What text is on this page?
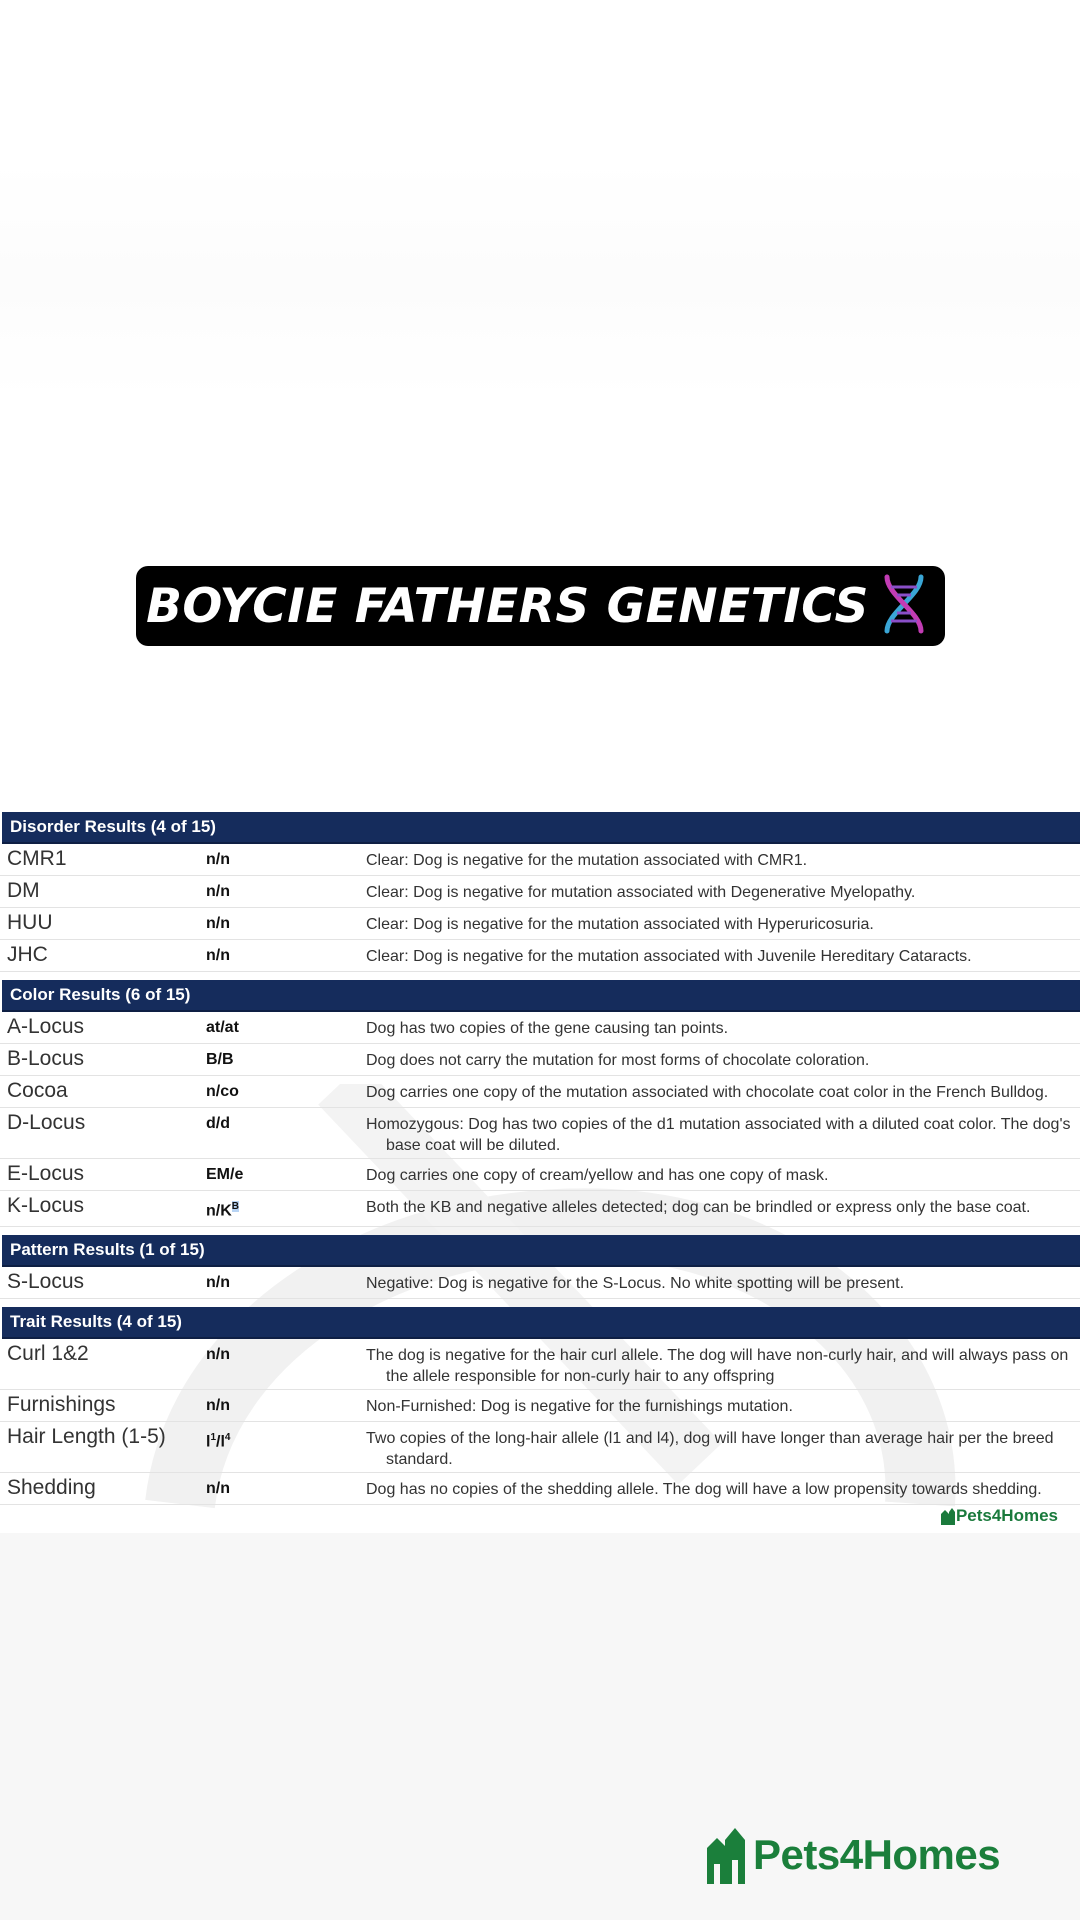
BOYCIE FATHERS GENETICS
Disorder Results (4 of 15)
CMR1	n/n	Clear: Dog is negative for the mutation associated with CMR1.
DM	n/n	Clear: Dog is negative for mutation associated with Degenerative Myelopathy.
HUU	n/n	Clear: Dog is negative for the mutation associated with Hyperuricosuria.
JHC	n/n	Clear: Dog is negative for the mutation associated with Juvenile Hereditary Cataracts.
Color Results (6 of 15)
A-Locus	at/at	Dog has two copies of the gene causing tan points.
B-Locus	B/B	Dog does not carry the mutation for most forms of chocolate coloration.
Cocoa	n/co	Dog carries one copy of the mutation associated with chocolate coat color in the French Bulldog.
D-Locus	d/d	Homozygous: Dog has two copies of the d1 mutation associated with a diluted coat color. The dog's base coat will be diluted.
E-Locus	EM/e	Dog carries one copy of cream/yellow and has one copy of mask.
K-Locus	$n/K^B$	Both the KB and negative alleles detected; dog can be brindled or express only the base coat.
Pattern Results (1 of 15)
S-Locus	n/n	Negative: Dog is negative for the S-Locus. No white spotting will be present.
Trait Results (4 of 15)
Curl 1&2	n/n	The dog is negative for the hair curl allele. The dog will have non-curly hair, and will always pass on the allele responsible for non-curly hair to any offspring
Furnishings	n/n	Non-Furnished: Dog is negative for the furnishings mutation.
Hair Length (1-5)	$l^1/l^4$	Two copies of the long-hair allele (l1 and l4), dog will have longer than average hair per the breed standard.
Shedding	n/n	Dog has no copies of the shedding allele. The dog will have a low propensity towards shedding.
Pets4Homes
Pets4Homes
